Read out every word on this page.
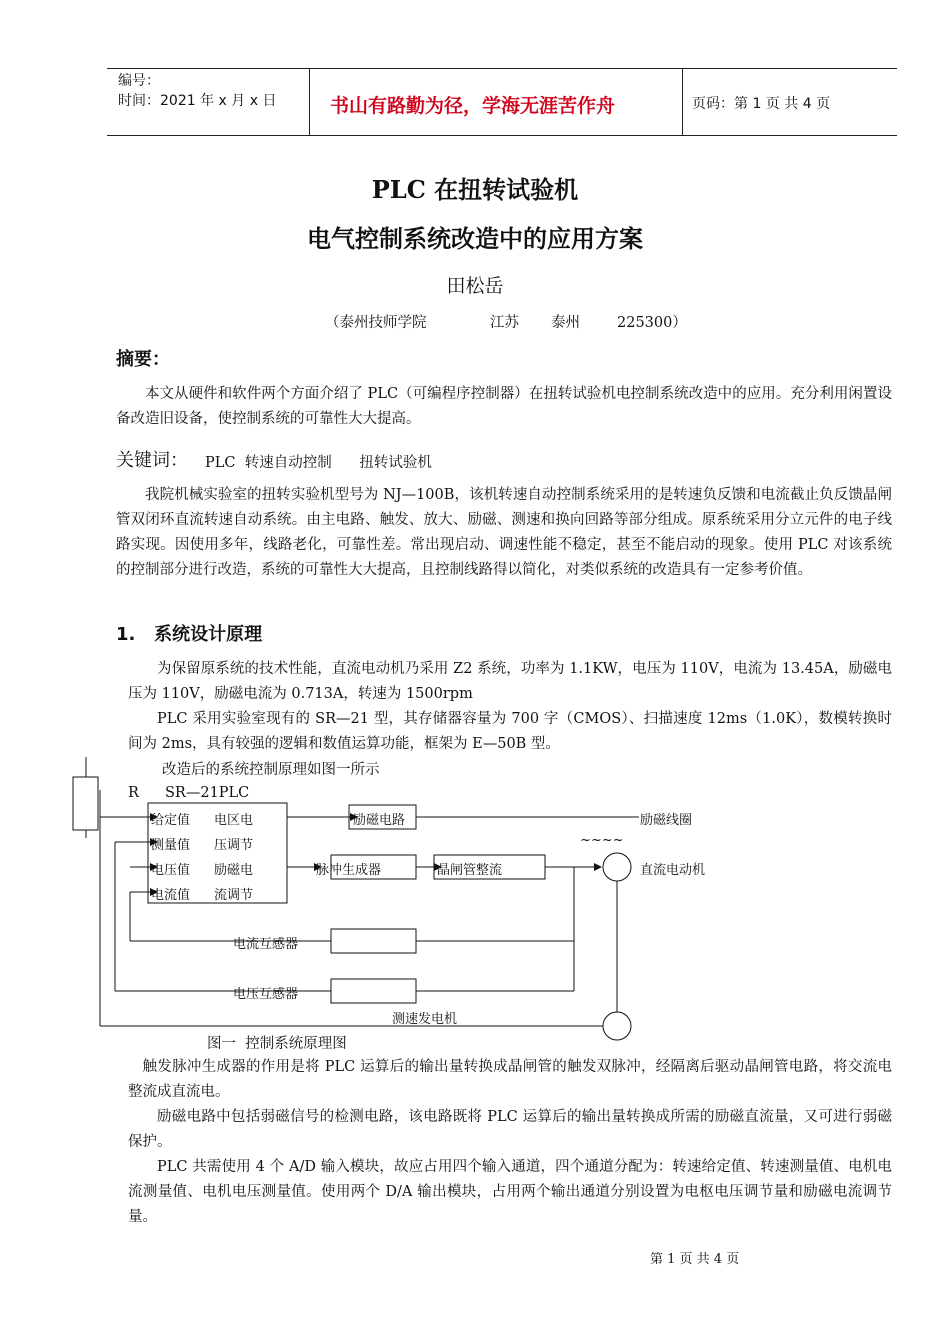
编号：
时间：2021 年 x 月 x 日	书山有路勤为径，学海无涯苦作舟	页码：第 1 页 共 4 页
PLC 在扭转试验机
电气控制系统改造中的应用方案
田松岳
（泰州技师学院	江苏 泰州	225300）
摘要：
本文从硬件和软件两个方面介绍了 PLC（可编程序控制器）在扭转试验机电控制系统改造中的应用。充分利用闲置设备改造旧设备，使控制系统的可靠性大大提高。
关键词： PLC  转速自动控制      扭转试验机
我院机械实验室的扭转实验机型号为 NJ—100B，该机转速自动控制系统采用的是转速负反馈和电流截止负反馈晶闸管双闭环直流转速自动系统。由主电路、触发、放大、励磁、测速和换向回路等部分组成。原系统采用分立元件的电子线路实现。因使用多年，线路老化，可靠性差。常出现启动、调速性能不稳定，甚至不能启动的现象。使用 PLC 对该系统的控制部分进行改造，系统的可靠性大大提高，且控制线路得以简化，对类似系统的改造具有一定参考价值。
1.   系统设计原理
为保留原系统的技术性能，直流电动机乃采用 Z2 系统，功率为 1.1KW，电压为 110V，电流为 13.45A，励磁电压为 110V，励磁电流为 0.713A，转速为 1500rpm
PLC 采用实验室现有的 SR—21 型，其存储器容量为 700 字（CMOS）、扫描速度 12ms（1.0K），数模转换时间为 2ms，具有较强的逻辑和数值运算功能，框架为 E—50B 型。
改造后的系统控制原理如图一所示
R SR—21PLC
给定值
测量值
电压值
电流值
电区电
压调节
励磁电
流调节
励磁电路	励磁线圈
脉冲生成器	晶闸管整流
~~~~
直流电动机
电流互感器
电压互感器
测速发电机
图一  控制系统原理图
触发脉冲生成器的作用是将 PLC 运算后的输出量转换成晶闸管的触发双脉冲，经隔离后驱动晶闸管电路，将交流电整流成直流电。
励磁电路中包括弱磁信号的检测电路，该电路既将 PLC 运算后的输出量转换成所需的励磁直流量，又可进行弱磁保护。
PLC 共需使用 4 个 A/D 输入模块，故应占用四个输入通道，四个通道分配为：转速给定值、转速测量值、电机电流测量值、电机电压测量值。使用两个 D/A 输出模块，占用两个输出通道分别设置为电枢电压调节量和励磁电流调节量。
第 1 页 共 4 页
